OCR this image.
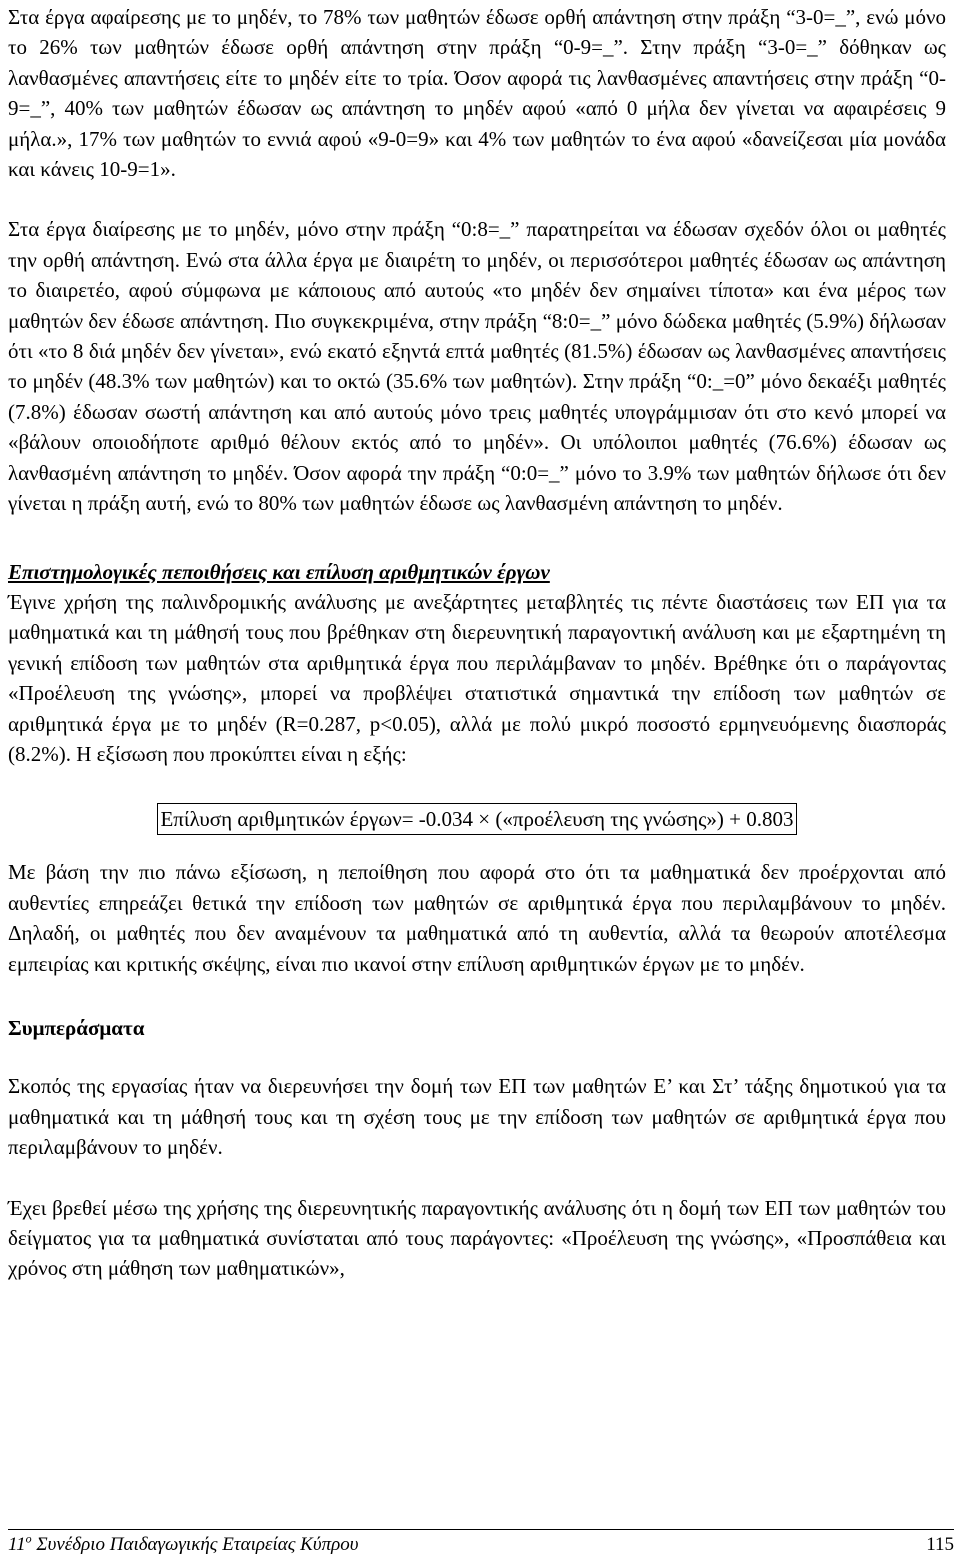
Στα έργα αφαίρεσης με το μηδέν, το 78% των μαθητών έδωσε ορθή απάντηση στην πράξη “3-0=_”, ενώ μόνο το 26% των μαθητών έδωσε ορθή απάντηση στην πράξη “0-9=_”. Στην πράξη “3-0=_” δόθηκαν ως λανθασμένες απαντήσεις είτε το μηδέν είτε το τρία. Όσον αφορά τις λανθασμένες απαντήσεις στην πράξη “0-9=_”, 40% των μαθητών έδωσαν ως απάντηση το μηδέν αφού «από 0 μήλα δεν γίνεται να αφαιρέσεις 9 μήλα.», 17% των μαθητών το εννιά αφού «9-0=9» και 4% των μαθητών το ένα αφού «δανείζεσαι μία μονάδα και κάνεις 10-9=1».

Στα έργα διαίρεσης με το μηδέν, μόνο στην πράξη “0:8=_” παρατηρείται να έδωσαν σχεδόν όλοι οι μαθητές την ορθή απάντηση. Ενώ στα άλλα έργα με διαιρέτη το μηδέν, οι περισσότεροι μαθητές έδωσαν ως απάντηση το διαιρετέο, αφού σύμφωνα με κάποιους από αυτούς «το μηδέν δεν σημαίνει τίποτα» και ένα μέρος των μαθητών δεν έδωσε απάντηση. Πιο συγκεκριμένα, στην πράξη “8:0=_” μόνο δώδεκα μαθητές (5.9%) δήλωσαν ότι «το 8 διά μηδέν δεν γίνεται», ενώ εκατό εξηντά επτά μαθητές (81.5%) έδωσαν ως λανθασμένες απαντήσεις το μηδέν (48.3% των μαθητών) και το οκτώ (35.6% των μαθητών). Στην πράξη “0:_=0” μόνο δεκαέξι μαθητές (7.8%) έδωσαν σωστή απάντηση και από αυτούς μόνο τρεις μαθητές υπογράμμισαν ότι στο κενό μπορεί να «βάλουν οποιοδήποτε αριθμό θέλουν εκτός από το μηδέν». Οι υπόλοιποι μαθητές (76.6%) έδωσαν ως λανθασμένη απάντηση το μηδέν. Όσον αφορά την πράξη “0:0=_” μόνο το 3.9% των μαθητών δήλωσε ότι δεν γίνεται η πράξη αυτή, ενώ το 80% των μαθητών έδωσε ως λανθασμένη απάντηση το μηδέν.

Επιστημολογικές πεποιθήσεις και επίλυση αριθμητικών έργων

Έγινε χρήση της παλινδρομικής ανάλυσης με ανεξάρτητες μεταβλητές τις πέντε διαστάσεις των ΕΠ για τα μαθηματικά και τη μάθησή τους που βρέθηκαν στη διερευνητική παραγοντική ανάλυση και με εξαρτημένη τη γενική επίδοση των μαθητών στα αριθμητικά έργα που περιλάμβαναν το μηδέν. Βρέθηκε ότι ο παράγοντας «Προέλευση της γνώσης», μπορεί να προβλέψει στατιστικά σημαντικά την επίδοση των μαθητών σε αριθμητικά έργα με το μηδέν (R=0.287, p<0.05), αλλά με πολύ μικρό ποσοστό ερμηνευόμενης διασποράς (8.2%). Η εξίσωση που προκύπτει είναι η εξής:

Επίλυση αριθμητικών έργων= -0.034 × («προέλευση της γνώσης») + 0.803

Με βάση την πιο πάνω εξίσωση, η πεποίθηση που αφορά στο ότι τα μαθηματικά δεν προέρχονται από αυθεντίες επηρεάζει θετικά την επίδοση των μαθητών σε αριθμητικά έργα που περιλαμβάνουν το μηδέν. Δηλαδή, οι μαθητές που δεν αναμένουν τα μαθηματικά από τη αυθεντία, αλλά τα θεωρούν αποτέλεσμα εμπειρίας και κριτικής σκέψης, είναι πιο ικανοί στην επίλυση αριθμητικών έργων με το μηδέν.

Συμπεράσματα

Σκοπός της εργασίας ήταν να διερευνήσει την δομή των ΕΠ των μαθητών Ε’ και Στ’ τάξης δημοτικού για τα μαθηματικά και τη μάθησή τους και τη σχέση τους με την επίδοση των μαθητών σε αριθμητικά έργα που περιλαμβάνουν το μηδέν.

Έχει βρεθεί μέσω της χρήσης της διερευνητικής παραγοντικής ανάλυσης ότι η δομή των ΕΠ των μαθητών του δείγματος για τα μαθηματικά συνίσταται από τους παράγοντες: «Προέλευση της γνώσης», «Προσπάθεια και χρόνος στη μάθηση των μαθηματικών»,

$11^o$ Συνέδριο Παιδαγωγικής Εταιρείας Κύπρου	115
